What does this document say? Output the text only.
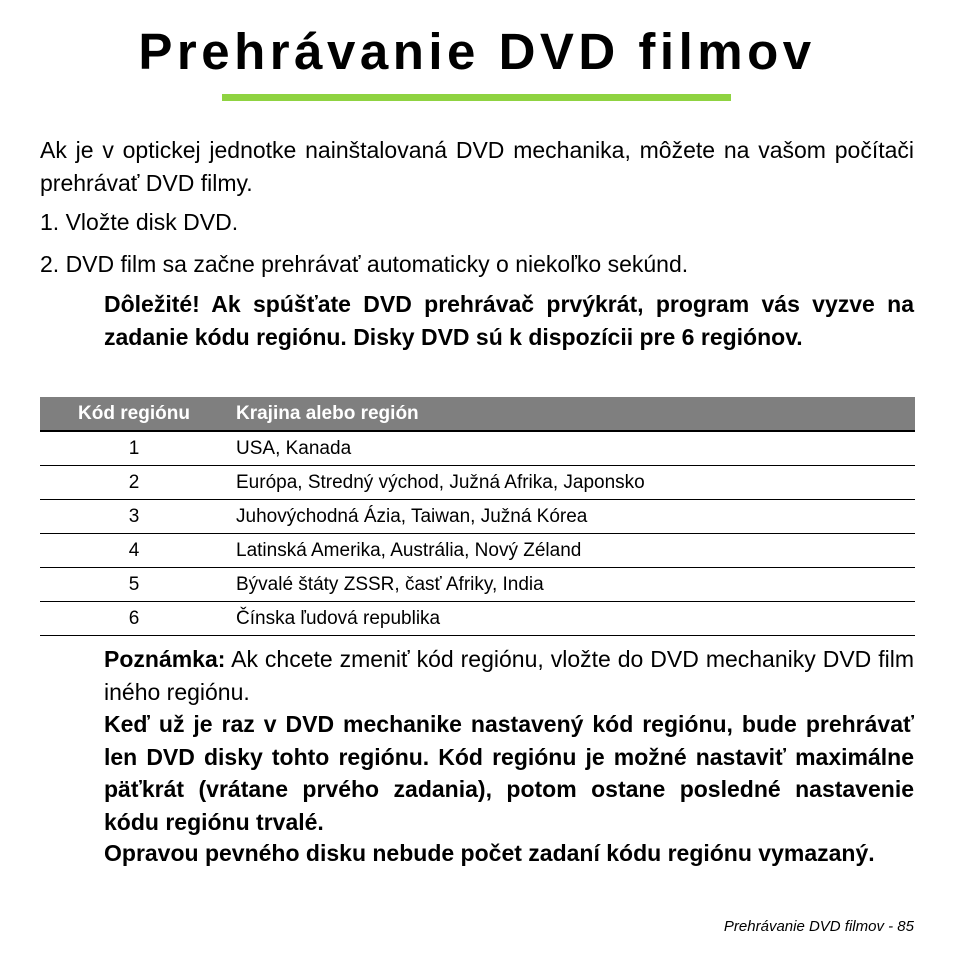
Prehrávanie DVD filmov

Ak je v optickej jednotke nainštalovaná DVD mechanika, môžete na vašom počítači prehrávať DVD filmy.

1. Vložte disk DVD.

2. DVD film sa začne prehrávať automaticky o niekoľko sekúnd.

Dôležité! Ak spúšťate DVD prehrávač prvýkrát, program vás vyzve na zadanie kódu regiónu. Disky DVD sú k dispozícii pre 6 regiónov.

Kód regiónu	Krajina alebo región
1	USA, Kanada
2	Európa, Stredný východ, Južná Afrika, Japonsko
3	Juhovýchodná Ázia, Taiwan, Južná Kórea
4	Latinská Amerika, Austrália, Nový Zéland
5	Bývalé štáty ZSSR, časť Afriky, India
6	Čínska ľudová republika

Poznámka: Ak chcete zmeniť kód regiónu, vložte do DVD mechaniky DVD film iného regiónu.

Keď už je raz v DVD mechanike nastavený kód regiónu, bude prehrávať len DVD disky tohto regiónu. Kód regiónu je možné nastaviť maximálne päťkrát (vrátane prvého zadania), potom ostane posledné nastavenie kódu regiónu trvalé.

Opravou pevného disku nebude počet zadaní kódu regiónu vymazaný.

Prehrávanie DVD filmov - 85
